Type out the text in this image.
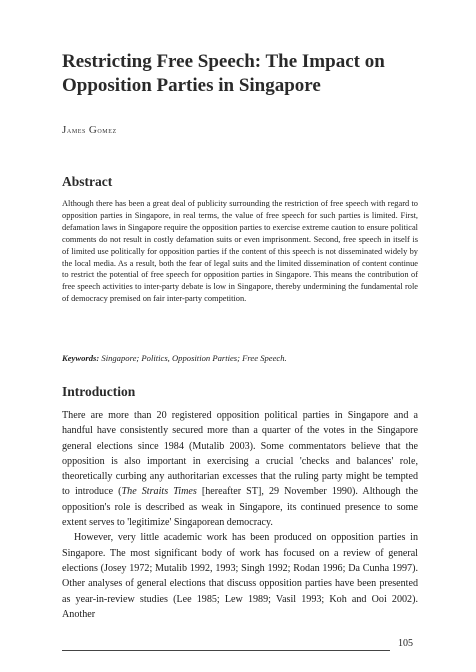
Restricting Free Speech: The Impact on Opposition Parties in Singapore
James Gomez
Abstract

Although there has been a great deal of publicity surrounding the restriction of free speech with regard to opposition parties in Singapore, in real terms, the value of free speech for such parties is limited. First, defamation laws in Singapore require the opposition parties to exercise extreme caution to ensure political comments do not result in costly defamation suits or even imprisonment. Second, free speech in itself is of limited use politically for opposition parties if the content of this speech is not disseminated widely by the local media. As a result, both the fear of legal suits and the limited dissemination of content continue to restrict the potential of free speech for opposition parties in Singapore. This means the contribution of free speech activities to inter-party debate is low in Singapore, thereby undermining the fundamental role of democracy premised on fair inter-party competition.

Keywords: Singapore; Politics, Opposition Parties; Free Speech.

Introduction

There are more than 20 registered opposition political parties in Singapore and a handful have consistently secured more than a quarter of the votes in the Singapore general elections since 1984 (Mutalib 2003). Some commentators believe that the opposition is also important in exercising a crucial 'checks and balances' role, theoretically curbing any authoritarian excesses that the ruling party might be tempted to introduce (The Straits Times [hereafter ST], 29 November 1990). Although the opposition's role is described as weak in Singapore, its continued presence to some extent serves to 'legitimize' Singaporean democracy.

However, very little academic work has been produced on opposition parties in Singapore. The most significant body of work has focused on a review of general elections (Josey 1972; Mutalib 1992, 1993; Singh 1992; Rodan 1996; Da Cunha 1997). Other analyses of general elections that discuss opposition parties have been presented as year-in-review studies (Lee 1985; Lew 1989; Vasil 1993; Koh and Ooi 2002). Another

105
